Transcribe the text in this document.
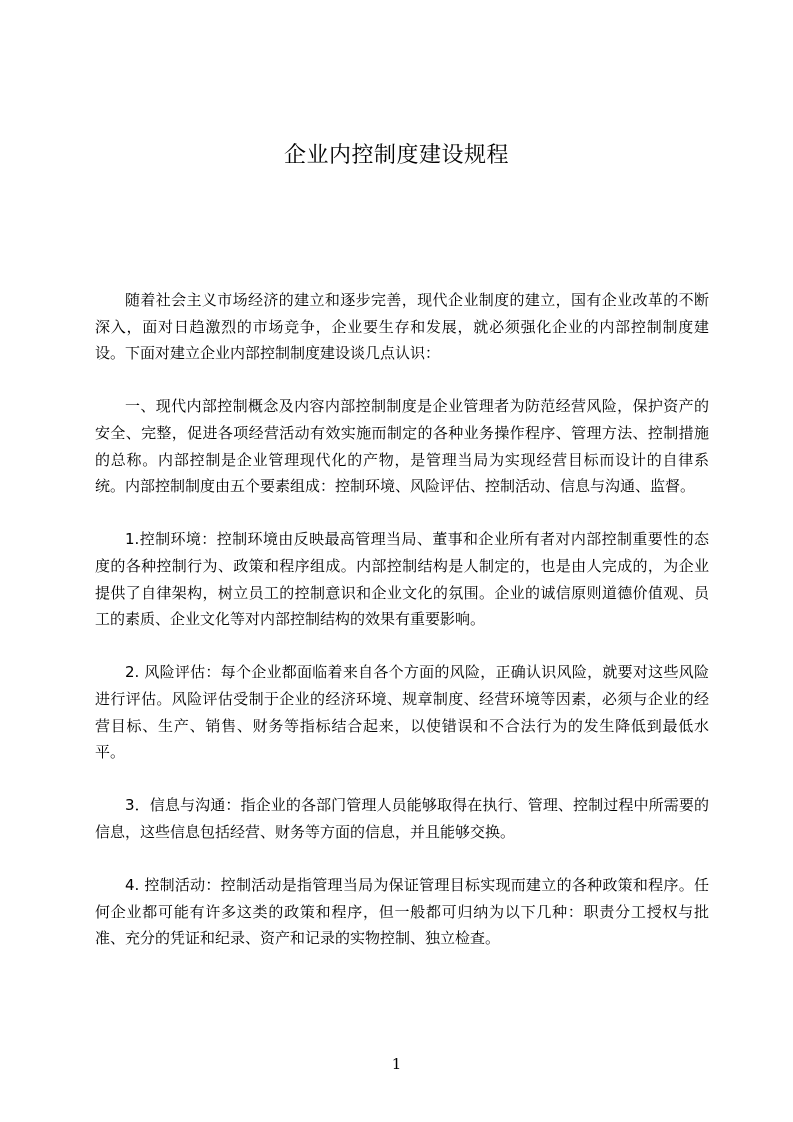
企业内控制度建设规程

随着社会主义市场经济的建立和逐步完善，现代企业制度的建立，国有企业改革的不断深入，面对日趋激烈的市场竞争，企业要生存和发展，就必须强化企业的内部控制制度建设。下面对建立企业内部控制制度建设谈几点认识：

一、现代内部控制概念及内容内部控制制度是企业管理者为防范经营风险，保护资产的安全、完整，促进各项经营活动有效实施而制定的各种业务操作程序、管理方法、控制措施的总称。内部控制是企业管理现代化的产物，是管理当局为实现经营目标而设计的自律系统。内部控制制度由五个要素组成：控制环境、风险评估、控制活动、信息与沟通、监督。

1.控制环境：控制环境由反映最高管理当局、董事和企业所有者对内部控制重要性的态度的各种控制行为、政策和程序组成。内部控制结构是人制定的，也是由人完成的，为企业提供了自律架构，树立员工的控制意识和企业文化的氛围。企业的诚信原则道德价值观、员工的素质、企业文化等对内部控制结构的效果有重要影响。

2. 风险评估：每个企业都面临着来自各个方面的风险，正确认识风险，就要对这些风险进行评估。风险评估受制于企业的经济环境、规章制度、经营环境等因素，必须与企业的经营目标、生产、销售、财务等指标结合起来，以使错误和不合法行为的发生降低到最低水平。

3．信息与沟通：指企业的各部门管理人员能够取得在执行、管理、控制过程中所需要的信息，这些信息包括经营、财务等方面的信息，并且能够交换。

4. 控制活动：控制活动是指管理当局为保证管理目标实现而建立的各种政策和程序。任何企业都可能有许多这类的政策和程序，但一般都可归纳为以下几种：职责分工授权与批准、充分的凭证和纪录、资产和记录的实物控制、独立检查。

1
